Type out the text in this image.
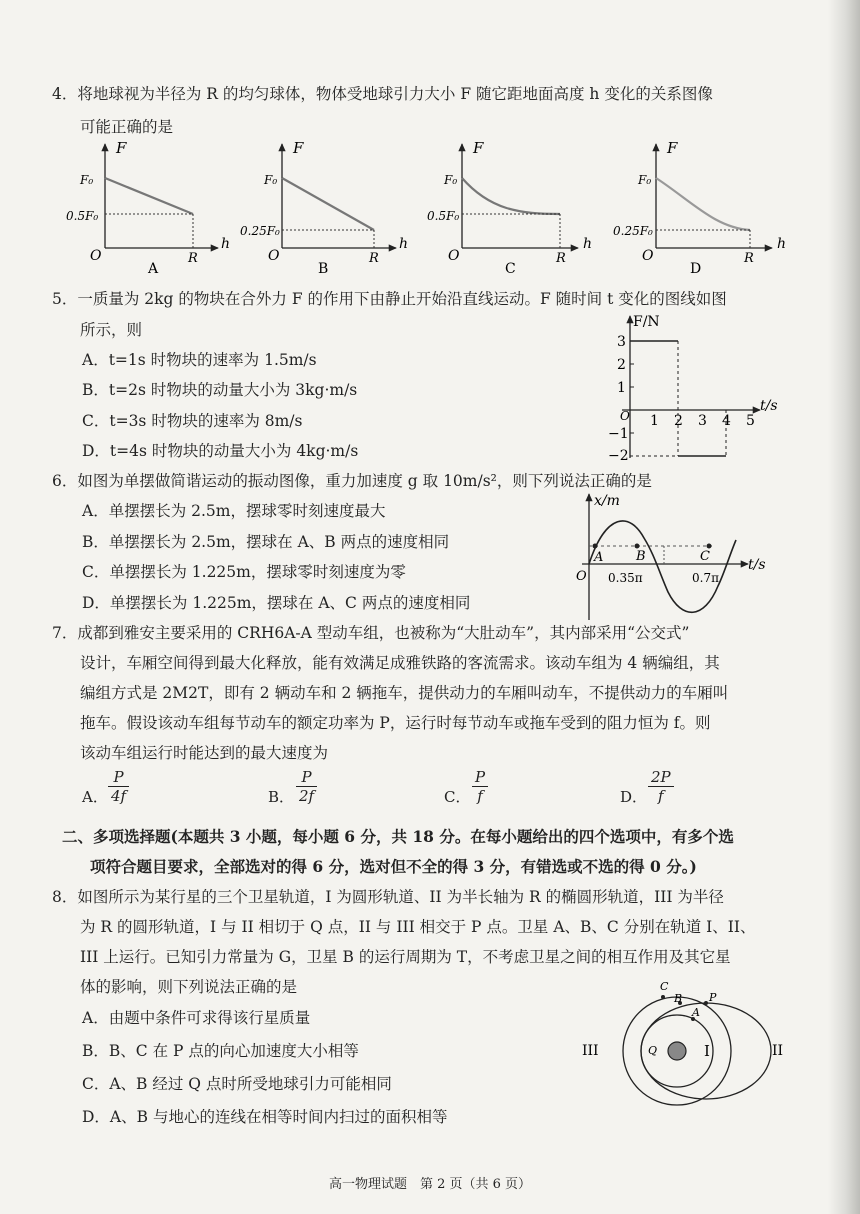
4．将地球视为半径为 R 的均匀球体，物体受地球引力大小 F 随它距地面高度 h 变化的关系图像
可能正确的是
F
F₀
0.5F₀
O
h
R
A
F
F₀
0.25F₀
O
h
R
B
F
F₀
0.5F₀
O
h
R
C
F
F₀
0.25F₀
O
h
R
D
5．一质量为 2kg 的物块在合外力 F 的作用下由静止开始沿直线运动。F 随时间 t 变化的图线如图
所示，则
A．t=1s 时物块的速率为 1.5m/s
B．t=2s 时物块的动量大小为 3kg·m/s
C．t=3s 时物块的速率为 8m/s
D．t=4s 时物块的动量大小为 4kg·m/s
F/N
t/s
3
2
1
−1
−2
O 1 2 3 4 5
6．如图为单摆做简谐运动的振动图像，重力加速度 g 取 10m/s²，则下列说法正确的是
A．单摆摆长为 2.5m，摆球零时刻速度最大
B．单摆摆长为 2.5m，摆球在 A、B 两点的速度相同
C．单摆摆长为 1.225m，摆球零时刻速度为零
D．单摆摆长为 1.225m，摆球在 A、C 两点的速度相同
x/m
t/s
A	B	C
O 0.35π	0.7π
7．成都到雅安主要采用的 CRH6A-A 型动车组，也被称为“大肚动车”，其内部采用“公交式”
设计，车厢空间得到最大化释放，能有效满足成雅铁路的客流需求。该动车组为 4 辆编组，其
编组方式是 2M2T，即有 2 辆动车和 2 辆拖车，提供动力的车厢叫动车，不提供动力的车厢叫
拖车。假设该动车组每节动车的额定功率为 P，运行时每节动车或拖车受到的阻力恒为 f。则
该动车组运行时能达到的最大速度为
A． $\frac{P}{4f}$	B． $\frac{P}{2f}$	C． $\frac{P}{f}$	D． $\frac{2P}{f}$
二、多项选择题(本题共 3 小题，每小题 6 分，共 18 分。在每小题给出的四个选项中，有多个选
项符合题目要求，全部选对的得 6 分，选对但不全的得 3 分，有错选或不选的得 0 分。)
8．如图所示为某行星的三个卫星轨道，I 为圆形轨道、II 为半长轴为 R 的椭圆形轨道，III 为半径
为 R 的圆形轨道，I 与 II 相切于 Q 点，II 与 III 相交于 P 点。卫星 A、B、C 分别在轨道 I、II、
III 上运行。已知引力常量为 G，卫星 B 的运行周期为 T，不考虑卫星之间的相互作用及其它星
体的影响，则下列说法正确的是
A．由题中条件可求得该行星质量
B．B、C 在 P 点的向心加速度大小相等
C．A、B 经过 Q 点时所受地球引力可能相同
D．A、B 与地心的连线在相等时间内扫过的面积相等
C
B P
A
Q	I	II
III
高一物理试题　第 2 页（共 6 页）
